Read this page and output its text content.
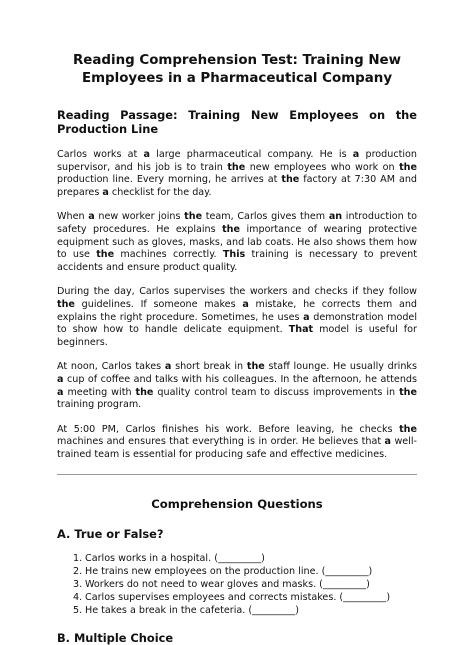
Reading Comprehension Test: Training New
Employees in a Pharmaceutical Company
Reading Passage: Training New Employees on the Production Line

Carlos works at a large pharmaceutical company. He is a production supervisor, and his job is to train the new employees who work on the production line. Every morning, he arrives at the factory at 7:30 AM and prepares a checklist for the day.

When a new worker joins the team, Carlos gives them an introduction to safety procedures. He explains the importance of wearing protective equipment such as gloves, masks, and lab coats. He also shows them how to use the machines correctly. This training is necessary to prevent accidents and ensure product quality.

During the day, Carlos supervises the workers and checks if they follow the guidelines. If someone makes a mistake, he corrects them and explains the right procedure. Sometimes, he uses a demonstration model to show how to handle delicate equipment. That model is useful for beginners.

At noon, Carlos takes a short break in the staff lounge. He usually drinks a cup of coffee and talks with his colleagues. In the afternoon, he attends a meeting with the quality control team to discuss improvements in the training program.

At 5:00 PM, Carlos finishes his work. Before leaving, he checks the machines and ensures that everything is in order. He believes that a well-trained team is essential for producing safe and effective medicines.

Comprehension Questions
A. True or False?
1. Carlos works in a hospital. (_________)
2. He trains new employees on the production line. (_________)
3. Workers do not need to wear gloves and masks. (_________)
4. Carlos supervises employees and corrects mistakes. (_________)
5. He takes a break in the cafeteria. (_________)
B. Multiple Choice
